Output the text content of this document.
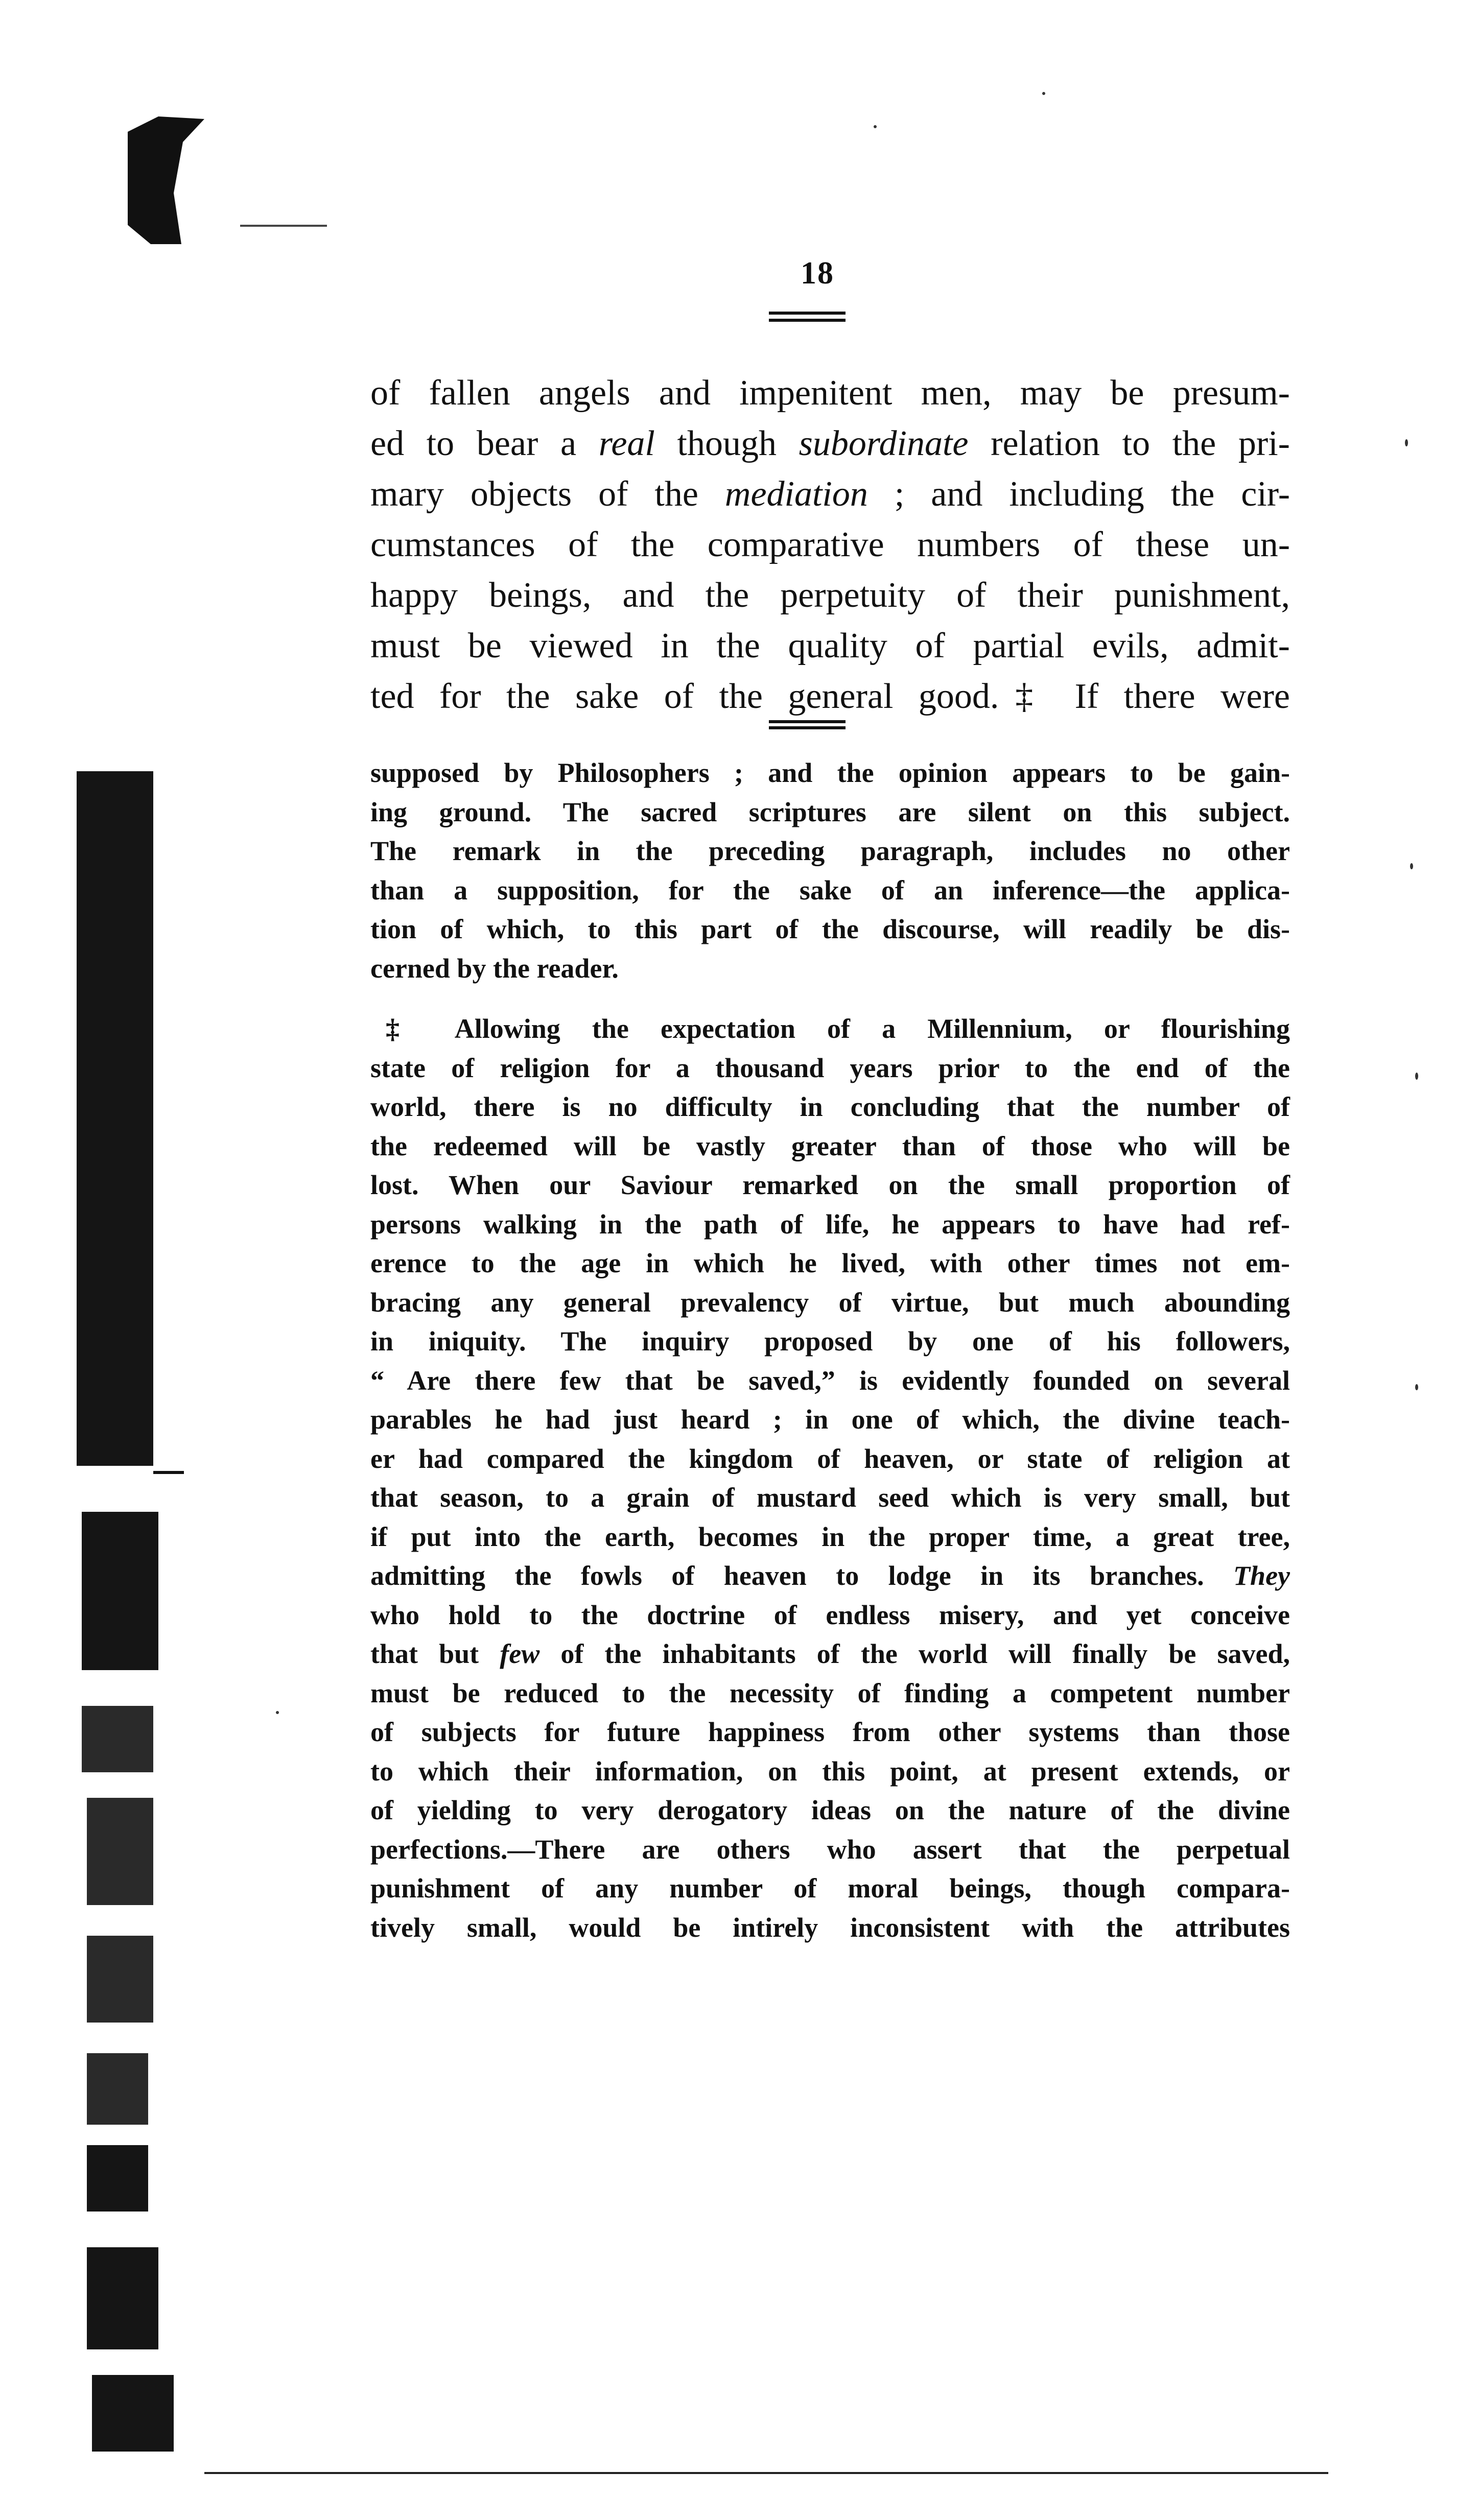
18
of fallen angels and impenitent men, may be presum-
ed to bear a real though subordinate relation to the pri-
mary objects of the mediation ; and including the cir-
cumstances of the comparative numbers of these un-
happy beings, and the perpetuity of their punishment,
must be viewed in the quality of partial evils, admit-
ted for the sake of the general good.‡ If there were
supposed by Philosophers ; and the opinion appears to be gain-
ing ground. The sacred scriptures are silent on this subject.
The remark in the preceding paragraph, includes no other
than a supposition, for the sake of an inference—the applica-
tion of which, to this part of the discourse, will readily be dis-
cerned by the reader.
‡ Allowing the expectation of a Millennium, or flourishing
state of religion for a thousand years prior to the end of the
world, there is no difficulty in concluding that the number of
the redeemed will be vastly greater than of those who will be
lost. When our Saviour remarked on the small proportion of
persons walking in the path of life, he appears to have had ref-
erence to the age in which he lived, with other times not em-
bracing any general prevalency of virtue, but much abounding
in iniquity. The inquiry proposed by one of his followers,
“ Are there few that be saved,” is evidently founded on several
parables he had just heard ; in one of which, the divine teach-
er had compared the kingdom of heaven, or state of religion at
that season, to a grain of mustard seed which is very small, but
if put into the earth, becomes in the proper time, a great tree,
admitting the fowls of heaven to lodge in its branches. They
who hold to the doctrine of endless misery, and yet conceive
that but few of the inhabitants of the world will finally be saved,
must be reduced to the necessity of finding a competent number
of subjects for future happiness from other systems than those
to which their information, on this point, at present extends, or
of yielding to very derogatory ideas on the nature of the divine
perfections.—There are others who assert that the perpetual
punishment of any number of moral beings, though compara-
tively small, would be intirely inconsistent with the attributes
